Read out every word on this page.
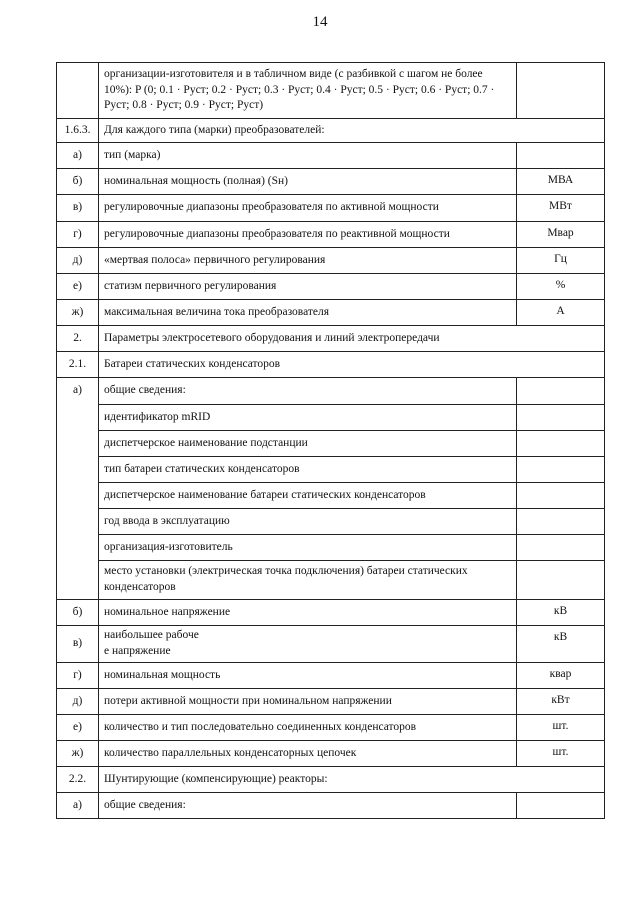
14
	организации-изготовителя и в табличном виде (с разбивкой с шагом не более 10%): P (0; 0.1 · Pуст; 0.2 · Pуст; 0.3 · Pуст; 0.4 · Pуст; 0.5 · Pуст; 0.6 · Pуст; 0.7 · Pуст; 0.8 · Pуст; 0.9 · Pуст; Pуст)	
1.6.3.	Для каждого типа (марки) преобразователей:	
а)	тип (марка)	
б)	номинальная мощность (полная) (Sн)	МВА
в)	регулировочные диапазоны преобразователя по активной мощности	МВт
г)	регулировочные диапазоны преобразователя по реактивной мощности	Мвар
д)	«мертвая полоса» первичного регулирования	Гц
е)	статизм первичного регулирования	%
ж)	максимальная величина тока преобразователя	А
2.	Параметры электросетевого оборудования и линий электропередачи	
2.1.	Батареи статических конденсаторов	
а)	общие сведения:	
	идентификатор mRID	
	диспетчерское наименование подстанции	
	тип батареи статических конденсаторов	
	диспетчерское наименование батареи статических конденсаторов	
	год ввода в эксплуатацию	
	организация-изготовитель	
	место установки (электрическая точка подключения) батареи статических конденсаторов	
б)	номинальное напряжение	кВ
в)	наибольшее рабоче
е напряжение	кВ
г)	номинальная мощность	квар
д)	потери активной мощности при номинальном напряжении	кВт
е)	количество и тип последовательно соединенных конденсаторов	шт.
ж)	количество параллельных конденсаторных цепочек	шт.
2.2.	Шунтирующие (компенсирующие) реакторы:	
а)	общие сведения:	
